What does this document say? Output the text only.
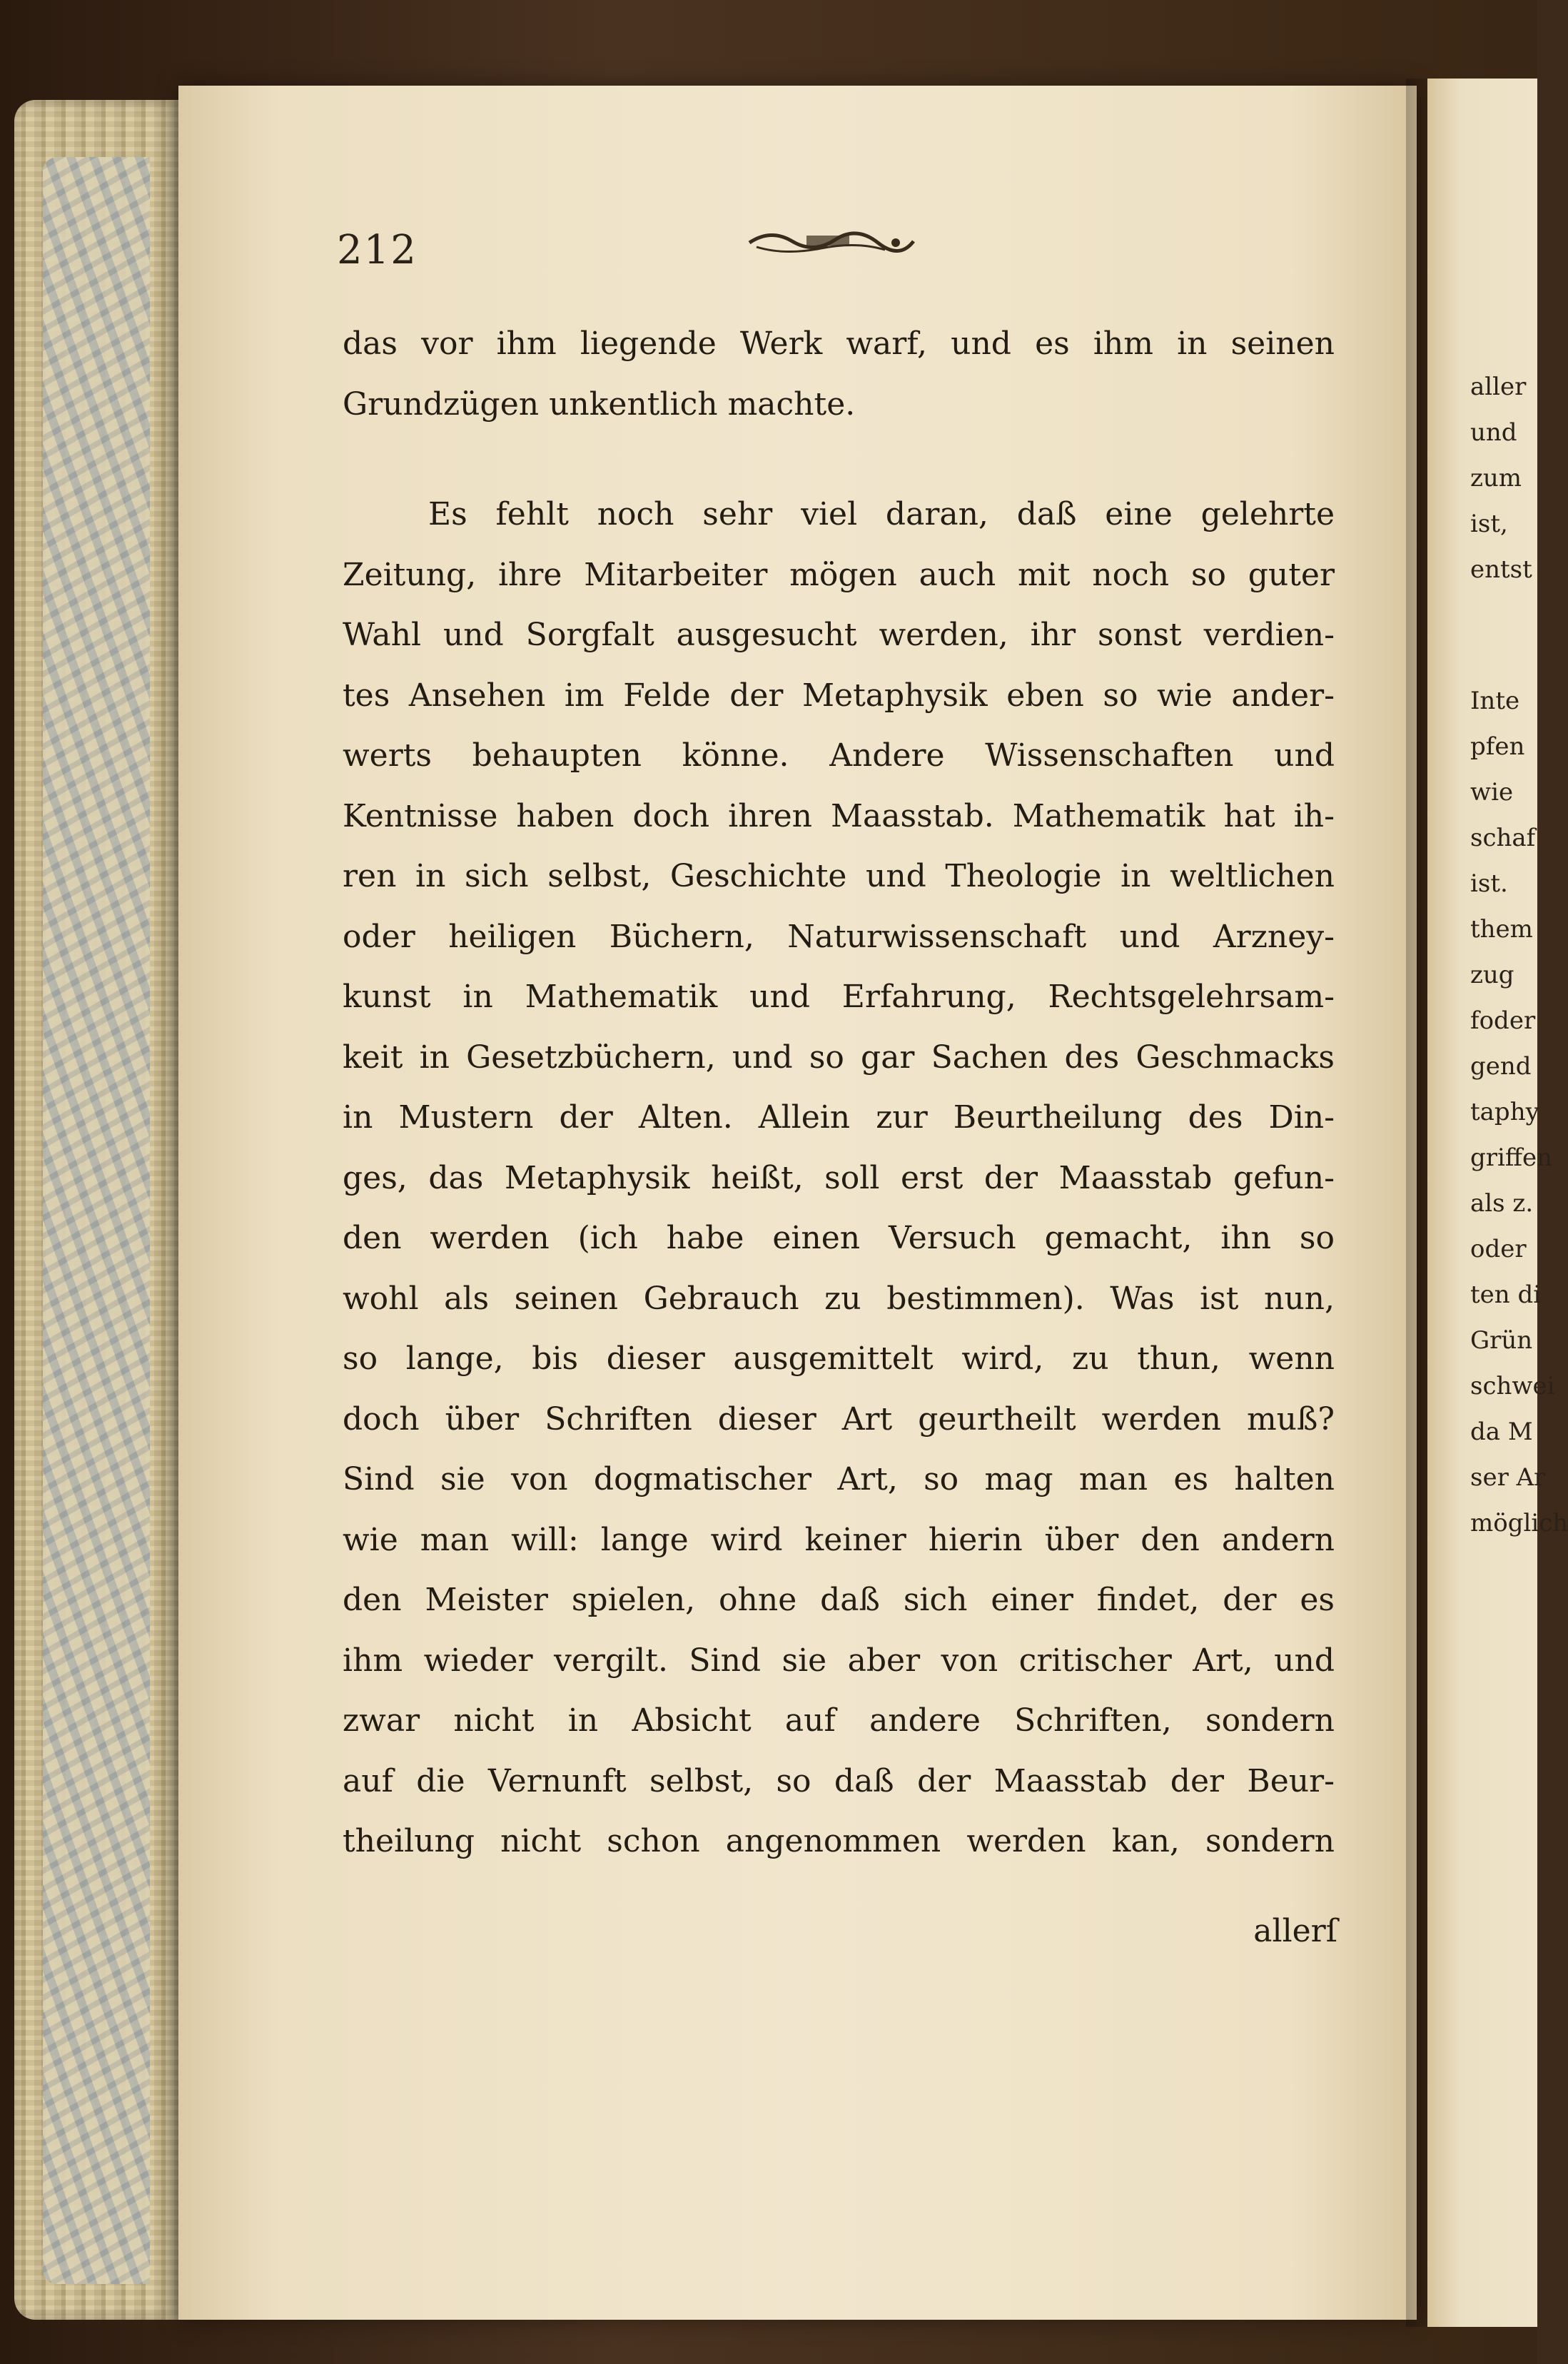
212
das vor ihm liegende Werk warf, und es ihm in seinen
Grundzügen unkentlich machte.
Es fehlt noch sehr viel daran, daß eine gelehrte
Zeitung, ihre Mitarbeiter mögen auch mit noch so guter
Wahl und Sorgfalt ausgesucht werden, ihr sonst verdien-
tes Ansehen im Felde der Metaphysik eben so wie ander-
werts behaupten könne. Andere Wissenschaften und
Kentnisse haben doch ihren Maasstab. Mathematik hat ih-
ren in sich selbst, Geschichte und Theologie in weltlichen
oder heiligen Büchern, Naturwissenschaft und Arzney-
kunst in Mathematik und Erfahrung, Rechtsgelehrsam-
keit in Gesetzbüchern, und so gar Sachen des Geschmacks
in Mustern der Alten. Allein zur Beurtheilung des Din-
ges, das Metaphysik heißt, soll erst der Maasstab gefun-
den werden (ich habe einen Versuch gemacht, ihn so
wohl als seinen Gebrauch zu bestimmen). Was ist nun,
so lange, bis dieser ausgemittelt wird, zu thun, wenn
doch über Schriften dieser Art geurtheilt werden muß?
Sind sie von dogmatischer Art, so mag man es halten
wie man will: lange wird keiner hierin über den andern
den Meister spielen, ohne daß sich einer findet, der es
ihm wieder vergilt. Sind sie aber von critischer Art, und
zwar nicht in Absicht auf andere Schriften, sondern
auf die Vernunft selbst, so daß der Maasstab der Beur-
theilung nicht schon angenommen werden kan, sondern
allerſ
aller
und
zum
ist,
entst
Inte
pfen
wie
schaf
ist.
them
zug
foder
gend
taphy
griffen
als z.
oder
ten di
Grün
schwei
da M
ser Ar
möglich
